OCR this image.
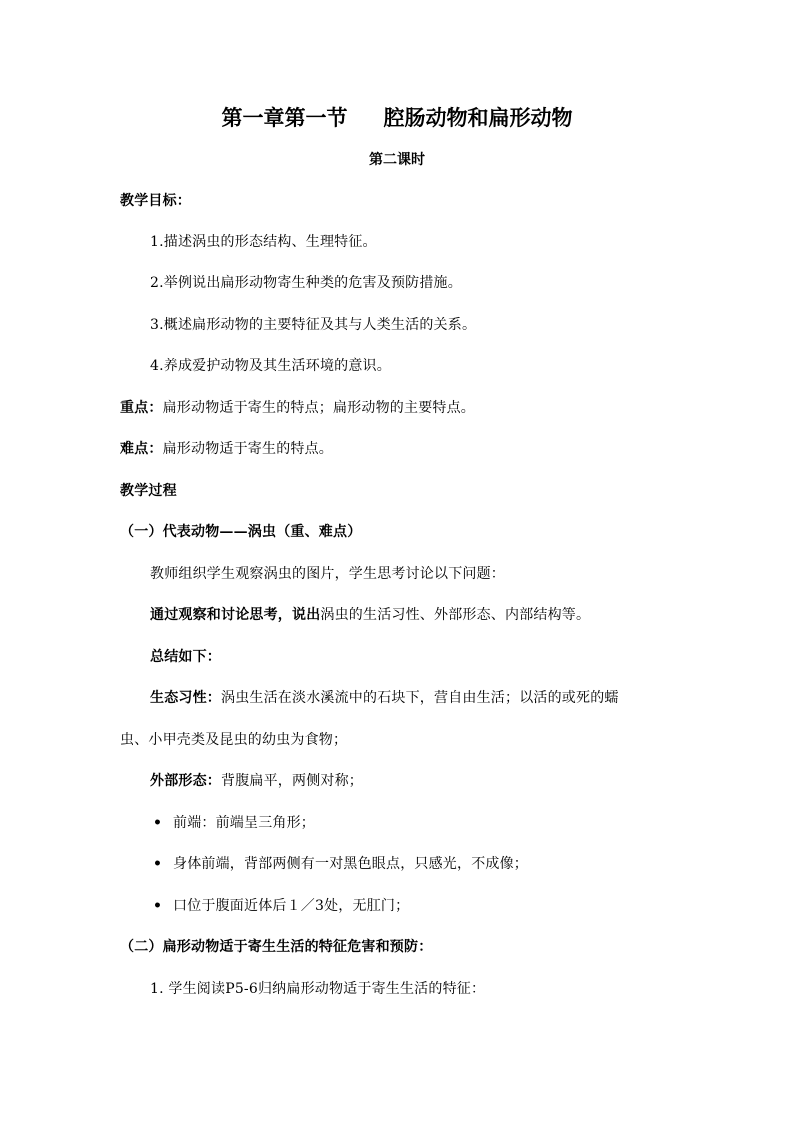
第一章第一节 腔肠动物和扁形动物
第二课时
教学目标：
1.描述涡虫的形态结构、生理特征。
2.举例说出扁形动物寄生种类的危害及预防措施。
3.概述扁形动物的主要特征及其与人类生活的关系。
4.养成爱护动物及其生活环境的意识。
重点：扁形动物适于寄生的特点；扁形动物的主要特点。
难点：扁形动物适于寄生的特点。
教学过程
（一）代表动物——涡虫（重、难点）
教师组织学生观察涡虫的图片，学生思考讨论以下问题：
通过观察和讨论思考，说出涡虫的生活习性、外部形态、内部结构等。
总结如下：
生态习性：涡虫生活在淡水溪流中的石块下，营自由生活；以活的或死的蠕
虫、小甲壳类及昆虫的幼虫为食物；
外部形态：背腹扁平，两侧对称；
• 前端：前端呈三角形；
• 身体前端，背部两侧有一对黑色眼点，只感光，不成像；
• 口位于腹面近体后１／3处，无肛门；
（二）扁形动物适于寄生生活的特征危害和预防：
1. 学生阅读P5-6归纳扁形动物适于寄生生活的特征：
